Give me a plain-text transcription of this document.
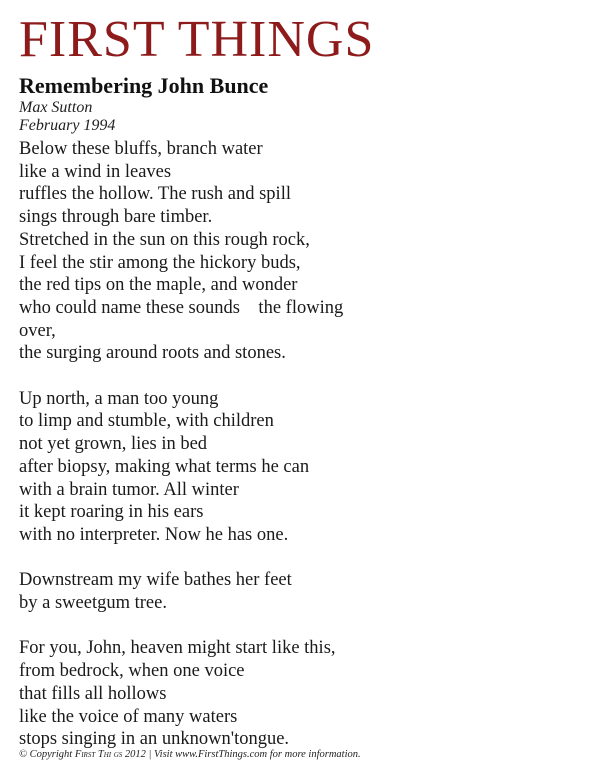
FIRST THINGS
Remembering John Bunce
Max Sutton
February 1994
Below these bluffs, branch water
like a wind in leaves
ruffles the hollow. The rush and spill
sings through bare timber.
Stretched in the sun on this rough rock,
I feel the stir among the hickory buds,
the red tips on the maple, and wonder
who could name these sounds    the flowing
over,
the surging around roots and stones.
Up north, a man too young
to limp and stumble, with children
not yet grown, lies in bed
after biopsy, making what terms he can
with a brain tumor. All winter
it kept roaring in his ears
with no interpreter. Now he has one.
Downstream my wife bathes her feet
by a sweetgum tree.
For you, John, heaven might start like this,
from bedrock, when one voice
that fills all hollows
like the voice of many waters
stops singing in an unknown'tongue.
© Copyright First Thi gs 2012 | Visit www.FirstThings.com for more information.
